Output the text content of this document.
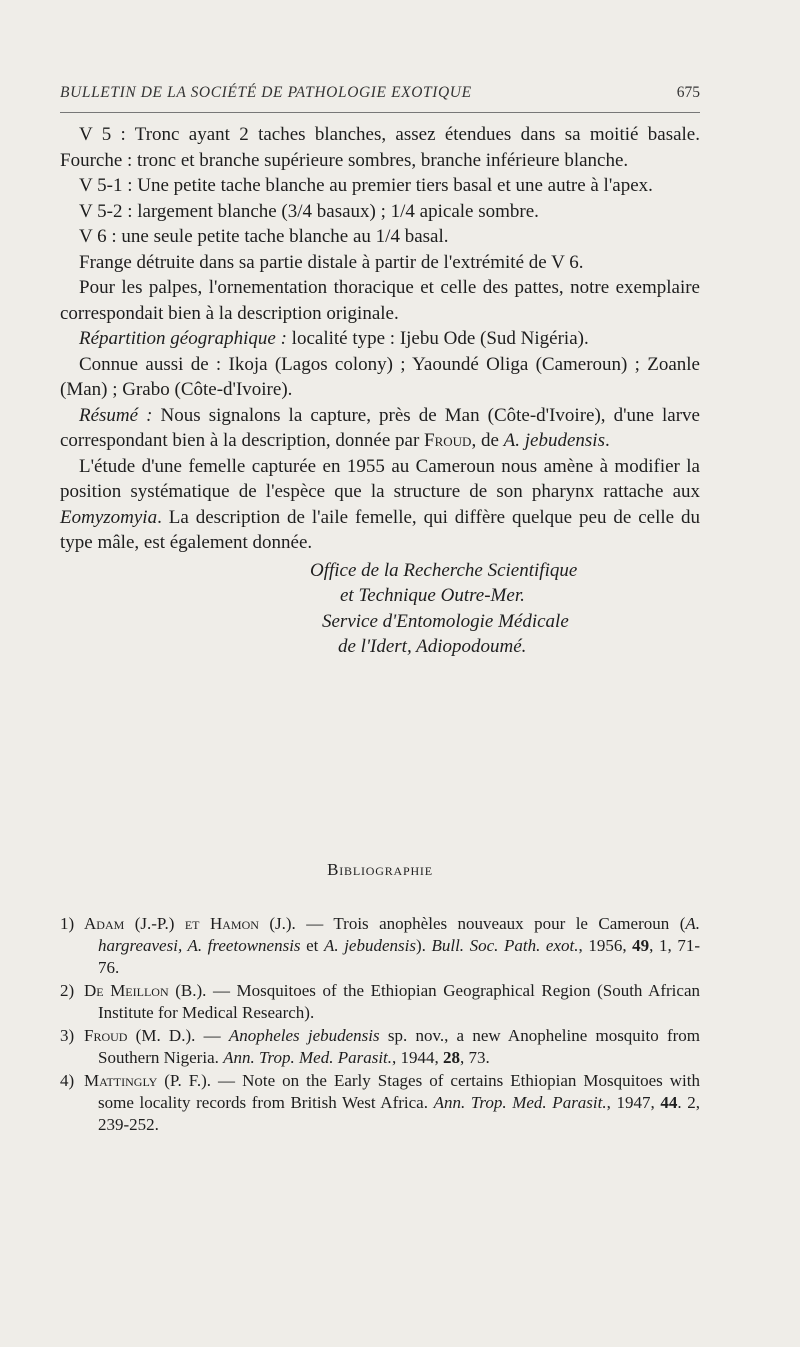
BULLETIN DE LA SOCIÉTÉ DE PATHOLOGIE EXOTIQUE	675

V 5 : Tronc ayant 2 taches blanches, assez étendues dans sa moitié basale. Fourche : tronc et branche supérieure sombres, branche inférieure blanche.

V 5-1 : Une petite tache blanche au premier tiers basal et une autre à l'apex.

V 5-2 : largement blanche (3/4 basaux) ; 1/4 apicale sombre.

V 6 : une seule petite tache blanche au 1/4 basal.

Frange détruite dans sa partie distale à partir de l'extrémité de V 6.

Pour les palpes, l'ornementation thoracique et celle des pattes, notre exemplaire correspondait bien à la description originale.

Répartition géographique : localité type : Ijebu Ode (Sud Nigéria).

Connue aussi de : Ikoja (Lagos colony) ; Yaoundé Oliga (Cameroun) ; Zoanle (Man) ; Grabo (Côte-d'Ivoire).

Résumé : Nous signalons la capture, près de Man (Côte-d'Ivoire), d'une larve correspondant bien à la description, donnée par Froud, de A. jebudensis.

L'étude d'une femelle capturée en 1955 au Cameroun nous amène à modifier la position systématique de l'espèce que la structure de son pharynx rattache aux Eomyzomyia. La description de l'aile femelle, qui diffère quelque peu de celle du type mâle, est également donnée.

Office de la Recherche Scientifique
et Technique Outre-Mer.
Service d'Entomologie Médicale
de l'Idert, Adiopodoumé.
Bibliographie
1) Adam (J.-P.) et Hamon (J.). — Trois anophèles nouveaux pour le Cameroun (A. hargreavesi, A. freetownensis et A. jebudensis). Bull. Soc. Path. exot., 1956, 49, 1, 71-76.
2) De Meillon (B.). — Mosquitoes of the Ethiopian Geographical Region (South African Institute for Medical Research).
3) Froud (M. D.). — Anopheles jebudensis sp. nov., a new Anopheline mosquito from Southern Nigeria. Ann. Trop. Med. Parasit., 1944, 28, 73.
4) Mattingly (P. F.). — Note on the Early Stages of certains Ethiopian Mosquitoes with some locality records from British West Africa. Ann. Trop. Med. Parasit., 1947, 44. 2, 239-252.
